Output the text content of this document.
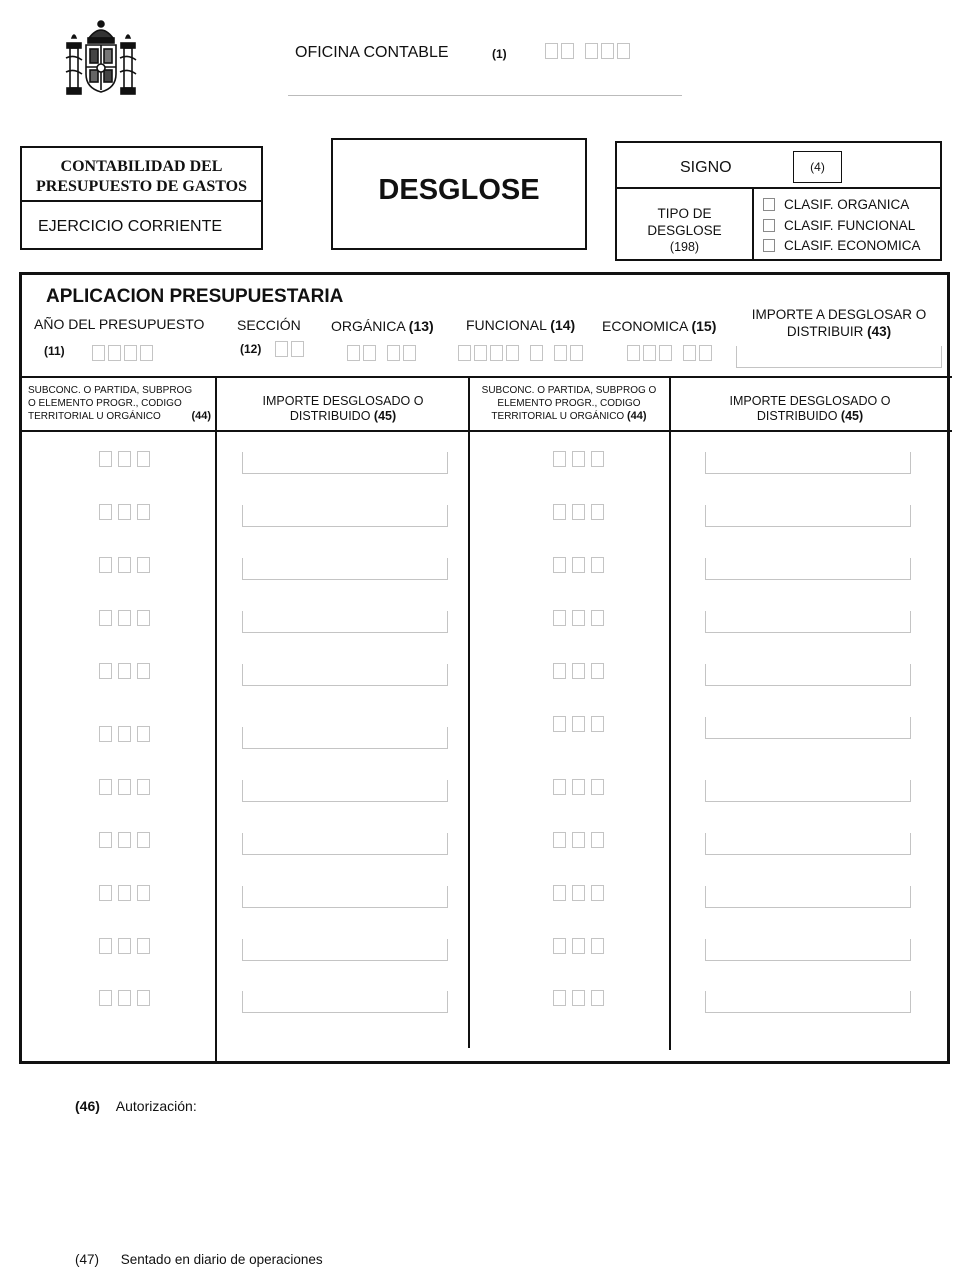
OFICINA CONTABLE	(1)
CONTABILIDAD DEL
PRESUPUESTO DE GASTOS
EJERCICIO CORRIENTE
DESGLOSE
SIGNO	(4)
TIPO DE
DESGLOSE
(198)
CLASIF. ORGANICA
CLASIF. FUNCIONAL
CLASIF. ECONOMICA
APLICACION PRESUPUESTARIA
AÑO DEL PRESUPUESTO
(11)
SECCIÓN
(12)
ORGÁNICA (13) FUNCIONAL (14) ECONOMICA (15)
IMPORTE A DESGLOSAR O
DISTRIBUIR (43)
SUBCONC. O PARTIDA, SUBPROG
O ELEMENTO PROGR., CODIGO
TERRITORIAL U ORGÁNICO	(44)
IMPORTE DESGLOSADO O
DISTRIBUIDO (45)
SUBCONC. O PARTIDA, SUBPROG O
ELEMENTO PROGR., CODIGO
TERRITORIAL U ORGÁNICO (44)
IMPORTE DESGLOSADO O
DISTRIBUIDO (45)
(46) Autorización:
(47) Sentado en diario de operaciones
